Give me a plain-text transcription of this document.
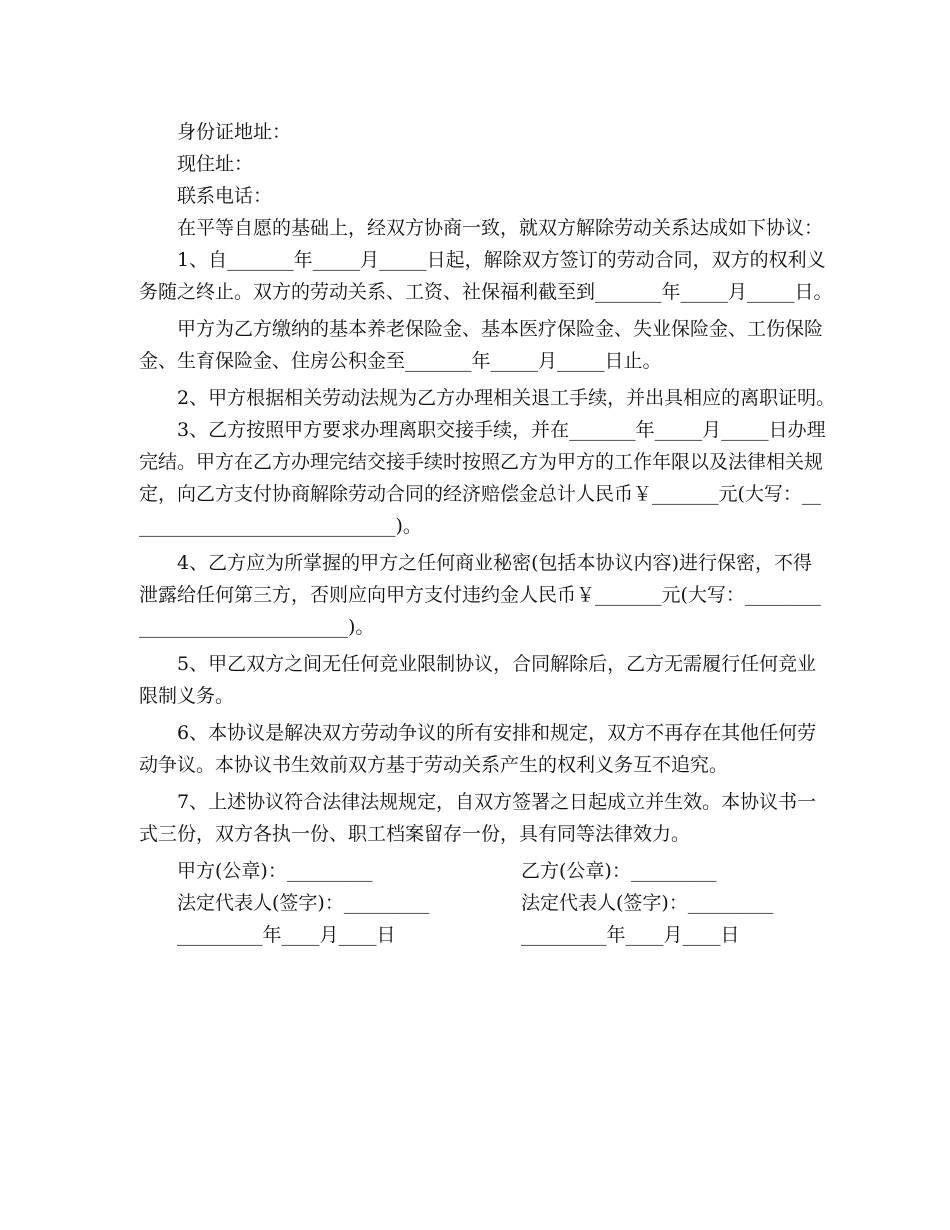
身份证地址：
现住址：
联系电话：
在平等自愿的基础上，经双方协商一致，就双方解除劳动关系达成如下协议：
1、自_______年_____月_____日起，解除双方签订的劳动合同，双方的权利义
务随之终止。双方的劳动关系、工资、社保福利截至到_______年_____月_____日。
甲方为乙方缴纳的基本养老保险金、基本医疗保险金、失业保险金、工伤保险
金、生育保险金、住房公积金至_______年_____月_____日止。
2、甲方根据相关劳动法规为乙方办理相关退工手续，并出具相应的离职证明。
3、乙方按照甲方要求办理离职交接手续，并在_______年_____月_____日办理
完结。甲方在乙方办理完结交接手续时按照乙方为甲方的工作年限以及法律相关规
定，向乙方支付协商解除劳动合同的经济赔偿金总计人民币￥_______元(大写：__
___________________________)。
4、乙方应为所掌握的甲方之任何商业秘密(包括本协议内容)进行保密，不得
泄露给任何第三方，否则应向甲方支付违约金人民币￥_______元(大写：________
______________________)。
5、甲乙双方之间无任何竞业限制协议，合同解除后，乙方无需履行任何竞业
限制义务。
6、本协议是解决双方劳动争议的所有安排和规定，双方不再存在其他任何劳
动争议。本协议书生效前双方基于劳动关系产生的权利义务互不追究。
7、上述协议符合法律法规规定，自双方签署之日起成立并生效。本协议书一
式三份，双方各执一份、职工档案留存一份，具有同等法律效力。
甲方(公章)：_________	乙方(公章)：_________
法定代表人(签字)：_________	法定代表人(签字)：_________
_________年____月____日	_________年____月____日
